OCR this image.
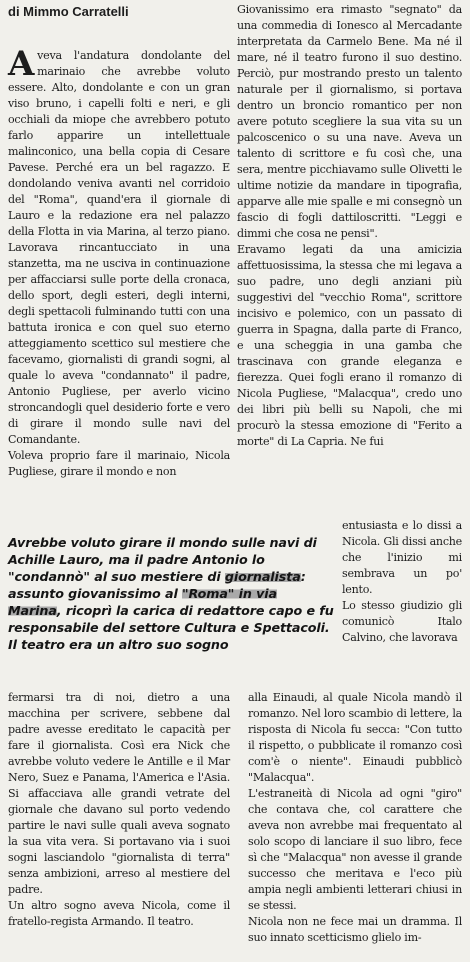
di Mimmo Carratelli

Aveva l'andatura dondolante del marinaio che avrebbe voluto essere. Alto, dondolante e con un gran viso bruno, i capelli folti e neri, e gli occhiali da miope che avrebbero potuto farlo apparire un intellettuale malinconico, una bella copia di Cesare Pavese. Perché era un bel ragazzo. E dondolando veniva avanti nel corridoio del "Roma", quand'era il giornale di Lauro e la redazione era nel palazzo della Flotta in via Marina, al terzo piano. Lavorava rincantucciato in una stanzetta, ma ne usciva in continuazione per affacciarsi sulle porte della cronaca, dello sport, degli esteri, degli interni, degli spettacoli fulminando tutti con una battuta ironica e con quel suo eterno atteggiamento scettico sul mestiere che facevamo, giornalisti di grandi sogni, al quale lo aveva "condannato" il padre, Antonio Pugliese, per averlo vicino stroncandogli quel desiderio forte e vero di girare il mondo sulle navi del Comandante.

Voleva proprio fare il marinaio, Nicola Pugliese, girare il mondo e non

Giovanissimo era rimasto "segnato" da una commedia di Ionesco al Mercadante interpretata da Carmelo Bene. Ma né il mare, né il teatro furono il suo destino. Perciò, pur mostrando presto un talento naturale per il giornalismo, si portava dentro un broncio romantico per non avere potuto scegliere la sua vita su un palcoscenico o su una nave. Aveva un talento di scrittore e fu così che, una sera, mentre picchiavamo sulle Olivetti le ultime notizie da mandare in tipografia, apparve alle mie spalle e mi consegnò un fascio di fogli dattiloscritti. "Leggi e dimmi che cosa ne pensi".

Eravamo legati da una amicizia affettuosissima, la stessa che mi legava a suo padre, uno degli anziani più suggestivi del "vecchio Roma", scrittore incisivo e polemico, con un passato di guerra in Spagna, dalla parte di Franco, e una scheggia in una gamba che trascinava con grande eleganza e fierezza. Quei fogli erano il romanzo di Nicola Pugliese, "Malacqua", credo uno dei libri più belli su Napoli, che mi procurò la stessa emozione di "Ferito a morte" di La Capria. Ne fui

entusiasta e lo dissi a Nicola. Gli dissi anche che l'inizio mi sembrava un po' lento.

Lo stesso giudizio gli comunicò Italo Calvino, che lavorava

Avrebbe voluto girare il mondo sulle navi di Achille Lauro, ma il padre Antonio lo "condannò" al suo mestiere di giornalista: assunto giovanissimo al "Roma" in via Marina, ricoprì la carica di redattore capo e fu responsabile del settore Cultura e Spettacoli. Il teatro era un altro suo sogno

fermarsi tra di noi, dietro a una macchina per scrivere, sebbene dal padre avesse ereditato le capacità per fare il giornalista. Così era Nick che avrebbe voluto vedere le Antille e il Mar Nero, Suez e Panama, l'America e l'Asia. Si affacciava alle grandi vetrate del giornale che davano sul porto vedendo partire le navi sulle quali aveva sognato la sua vita vera. Si portavano via i suoi sogni lasciandolo "giornalista di terra" senza ambizioni, arreso al mestiere del padre.

Un altro sogno aveva Nicola, come il fratello-regista Armando. Il teatro.

alla Einaudi, al quale Nicola mandò il romanzo. Nel loro scambio di lettere, la risposta di Nicola fu secca: "Con tutto il rispetto, o pubblicate il romanzo così com'è o niente". Einaudi pubblicò "Malacqua".

L'estraneità di Nicola ad ogni "giro" che contava che, col carattere che aveva non avrebbe mai frequentato al solo scopo di lanciare il suo libro, fece sì che "Malacqua" non avesse il grande successo che meritava e l'eco più ampia negli ambienti letterari chiusi in se stessi.

Nicola non ne fece mai un dramma. Il suo innato scetticismo glielo im-
